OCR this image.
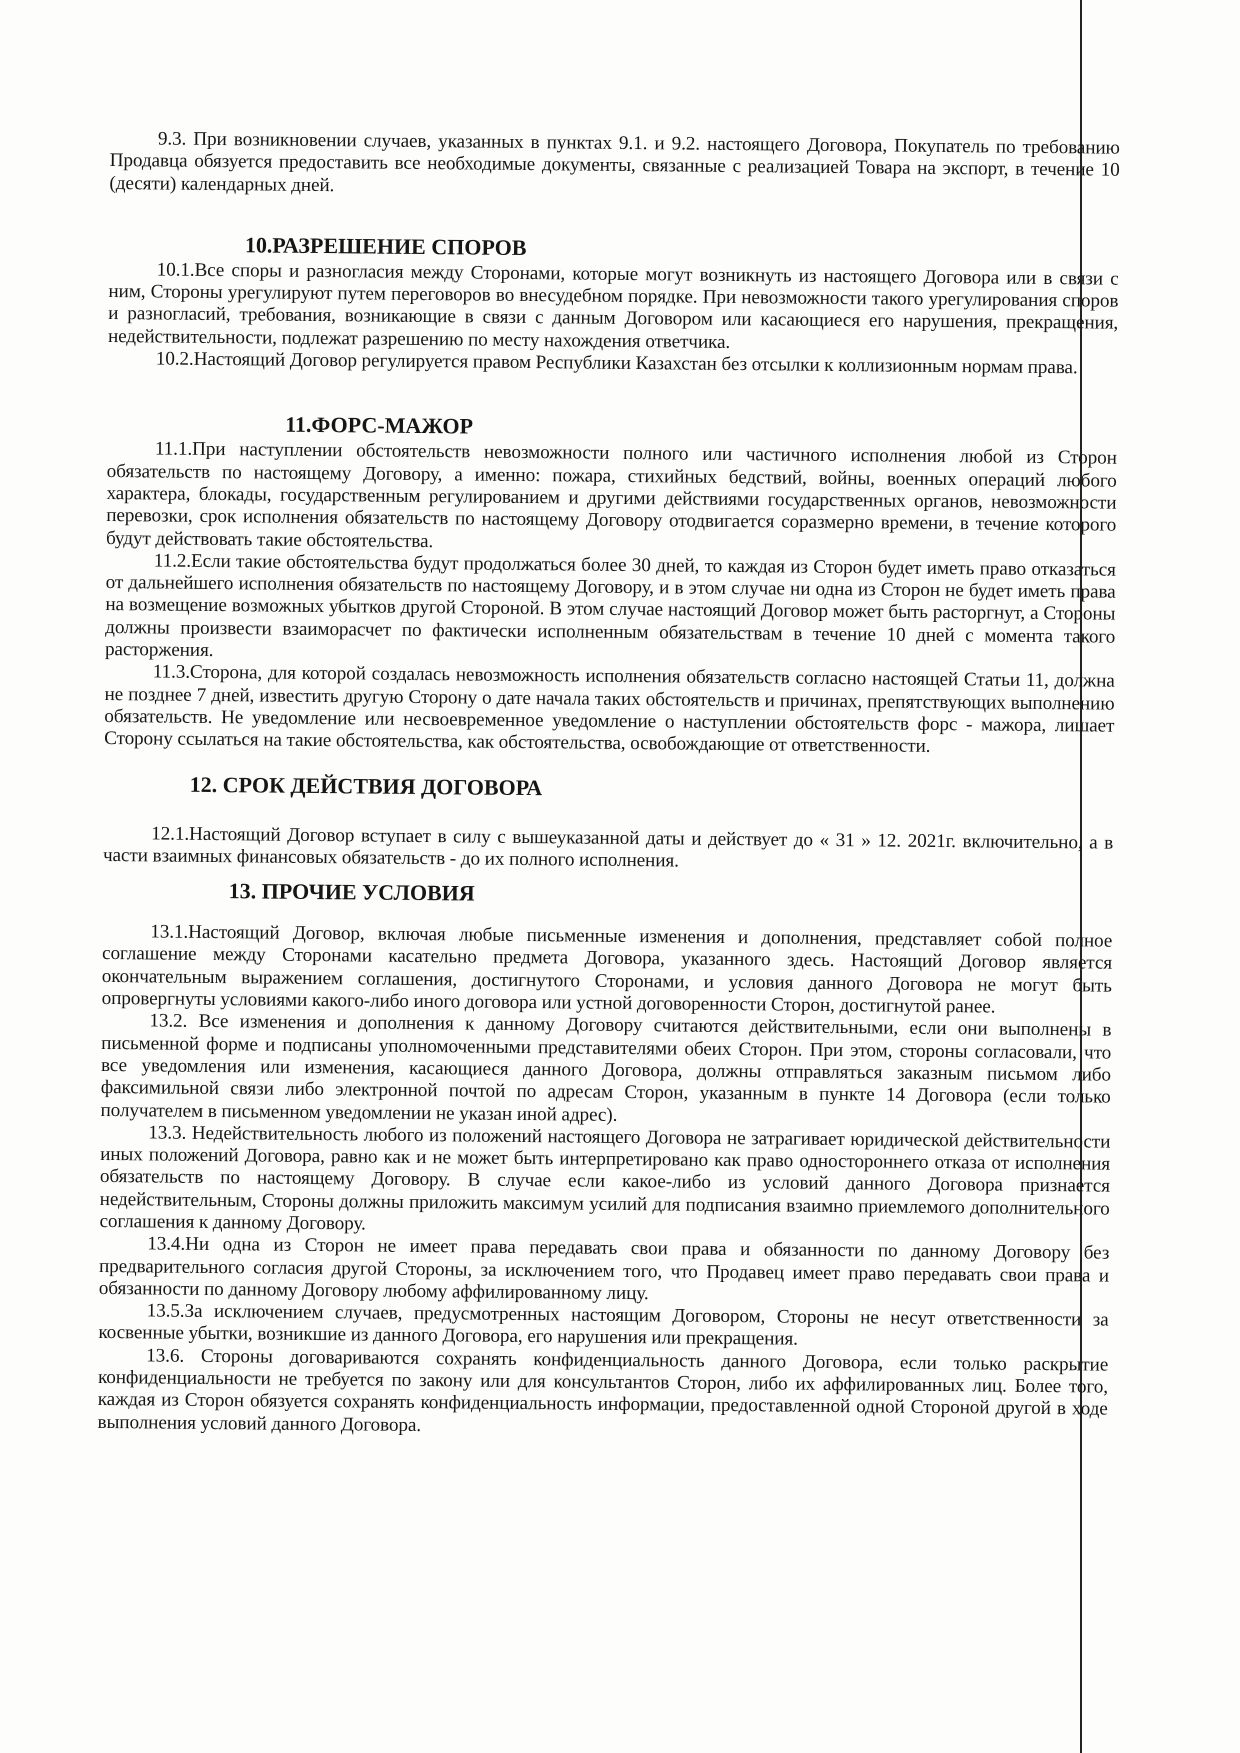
9.3. При возникновении случаев, указанных в пунктах 9.1. и 9.2. настоящего Договора, Покупатель по требованию Продавца обязуется предоставить все необходимые документы, связанные с реализацией Товара на экспорт, в течение 10 (десяти) календарных дней.

10.РАЗРЕШЕНИЕ СПОРОВ

10.1.Все споры и разногласия между Сторонами, которые могут возникнуть из настоящего Договора или в связи с ним, Стороны урегулируют путем переговоров во внесудебном порядке. При невозможности такого урегулирования споров и разногласий, требования, возникающие в связи с данным Договором или касающиеся его нарушения, прекращения, недействительности, подлежат разрешению по месту нахождения ответчика.

10.2.Настоящий Договор регулируется правом Республики Казахстан без отсылки к коллизионным нормам права.

11.ФОРС-МАЖОР

11.1.При наступлении обстоятельств невозможности полного или частичного исполнения любой из Сторон обязательств по настоящему Договору, а именно: пожара, стихийных бедствий, войны, военных операций любого характера, блокады, государственным регулированием и другими действиями государственных органов, невозможности перевозки, срок исполнения обязательств по настоящему Договору отодвигается соразмерно времени, в течение которого будут действовать такие обстоятельства.

11.2.Если такие обстоятельства будут продолжаться более 30 дней, то каждая из Сторон будет иметь право отказаться от дальнейшего исполнения обязательств по настоящему Договору, и в этом случае ни одна из Сторон не будет иметь права на возмещение возможных убытков другой Стороной. В этом случае настоящий Договор может быть расторгнут, а Стороны должны произвести взаиморасчет по фактически исполненным обязательствам в течение 10 дней с момента такого расторжения.

11.3.Сторона, для которой создалась невозможность исполнения обязательств согласно настоящей Статьи 11, должна не позднее 7 дней, известить другую Сторону о дате начала таких обстоятельств и причинах, препятствующих выполнению обязательств. Не уведомление или несвоевременное уведомление о наступлении обстоятельств форс - мажора, лишает Сторону ссылаться на такие обстоятельства, как обстоятельства, освобождающие от ответственности.

12. СРОК ДЕЙСТВИЯ ДОГОВОРА

12.1.Настоящий Договор вступает в силу с вышеуказанной даты и действует до « 31 » 12. 2021г. включительно, а в части взаимных финансовых обязательств - до их полного исполнения.

13. ПРОЧИЕ УСЛОВИЯ

13.1.Настоящий Договор, включая любые письменные изменения и дополнения, представляет собой полное соглашение между Сторонами касательно предмета Договора, указанного здесь. Настоящий Договор является окончательным выражением соглашения, достигнутого Сторонами, и условия данного Договора не могут быть опровергнуты условиями какого-либо иного договора или устной договоренности Сторон, достигнутой ранее.

13.2. Все изменения и дополнения к данному Договору считаются действительными, если они выполнены в письменной форме и подписаны уполномоченными представителями обеих Сторон. При этом, стороны согласовали, что все уведомления или изменения, касающиеся данного Договора, должны отправляться заказным письмом либо факсимильной связи либо электронной почтой по адресам Сторон, указанным в пункте 14 Договора (если только получателем в письменном уведомлении не указан иной адрес).

13.3. Недействительность любого из положений настоящего Договора не затрагивает юридической действительности иных положений Договора, равно как и не может быть интерпретировано как право одностороннего отказа от исполнения обязательств по настоящему Договору. В случае если какое-либо из условий данного Договора признается недействительным, Стороны должны приложить максимум усилий для подписания взаимно приемлемого дополнительного соглашения к данному Договору.

13.4.Ни одна из Сторон не имеет права передавать свои права и обязанности по данному Договору без предварительного согласия другой Стороны, за исключением того, что Продавец имеет право передавать свои права и обязанности по данному Договору любому аффилированному лицу.

13.5.За исключением случаев, предусмотренных настоящим Договором, Стороны не несут ответственности за косвенные убытки, возникшие из данного Договора, его нарушения или прекращения.

13.6. Стороны договариваются сохранять конфиденциальность данного Договора, если только раскрытие конфиденциальности не требуется по закону или для консультантов Сторон, либо их аффилированных лиц. Более того, каждая из Сторон обязуется сохранять конфиденциальность информации, предоставленной одной Стороной другой в ходе выполнения условий данного Договора.
